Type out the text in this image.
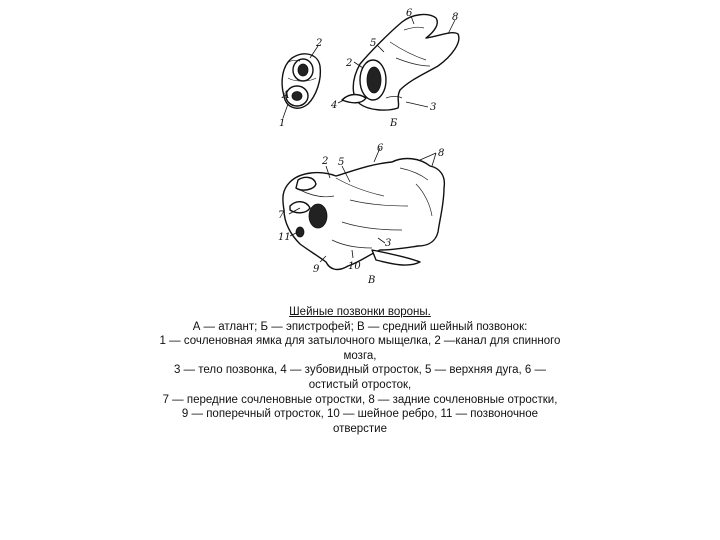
А
Б
В
2
1
6	8
5
2
4	3
2 5
6	8
7
11
3
9	10
Шейные позвонки вороны.
А — атлант; Б — эпистрофей; В — средний шейный позвонок:
1 — сочленовная ямка для затылочного мыщелка, 2 —канал для спинного
мозга,
3 — тело позвонка, 4 — зубовидный отросток, 5 — верхняя дуга, 6 —
остистый отросток,
7 — передние сочленовные отростки, 8 — задние сочленовные отростки,
9 — поперечный отросток, 10 — шейное ребро, 11 — позвоночное
отверстие
